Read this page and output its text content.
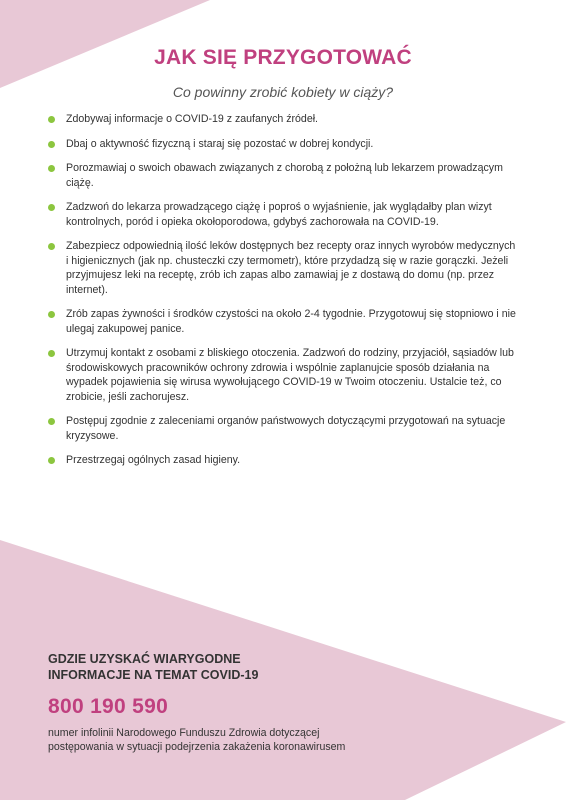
JAK SIĘ PRZYGOTOWAĆ
Co powinny zrobić kobiety w ciąży?
Zdobywaj informacje o COVID-19 z zaufanych źródeł.
Dbaj o aktywność fizyczną i staraj się pozostać w dobrej kondycji.
Porozmawiaj o swoich obawach związanych z chorobą z położną lub lekarzem prowadzącym ciążę.
Zadzwoń do lekarza prowadzącego ciążę i poproś o wyjaśnienie, jak wyglądałby plan wizyt kontrolnych, poród i opieka okołoporodowa, gdybyś zachorowała na COVID-19.
Zabezpiecz odpowiednią ilość leków dostępnych bez recepty oraz innych wyrobów medycznych i higienicznych (jak np. chusteczki czy termometr), które przydadzą się w razie gorączki. Jeżeli przyjmujesz leki na receptę, zrób ich zapas albo zamawiaj je z dostawą do domu (np. przez internet).
Zrób zapas żywności i środków czystości na około 2-4 tygodnie. Przygotowuj się stopniowo i nie ulegaj zakupowej panice.
Utrzymuj kontakt z osobami z bliskiego otoczenia. Zadzwoń do rodziny, przyjaciół, sąsiadów lub środowiskowych pracowników ochrony zdrowia i wspólnie zaplanujcie sposób działania na wypadek pojawienia się wirusa wywołującego COVID-19 w Twoim otoczeniu. Ustalcie też, co zrobicie, jeśli zachorujesz.
Postępuj zgodnie z zaleceniami organów państwowych dotyczącymi przygotowań na sytuacje kryzysowe.
Przestrzegaj ogólnych zasad higieny.
GDZIE UZYSKAĆ WIARYGODNE
INFORMACJE NA TEMAT COVID-19
800 190 590
numer infolinii Narodowego Funduszu Zdrowia dotyczącej
postępowania w sytuacji podejrzenia zakażenia koronawirusem
